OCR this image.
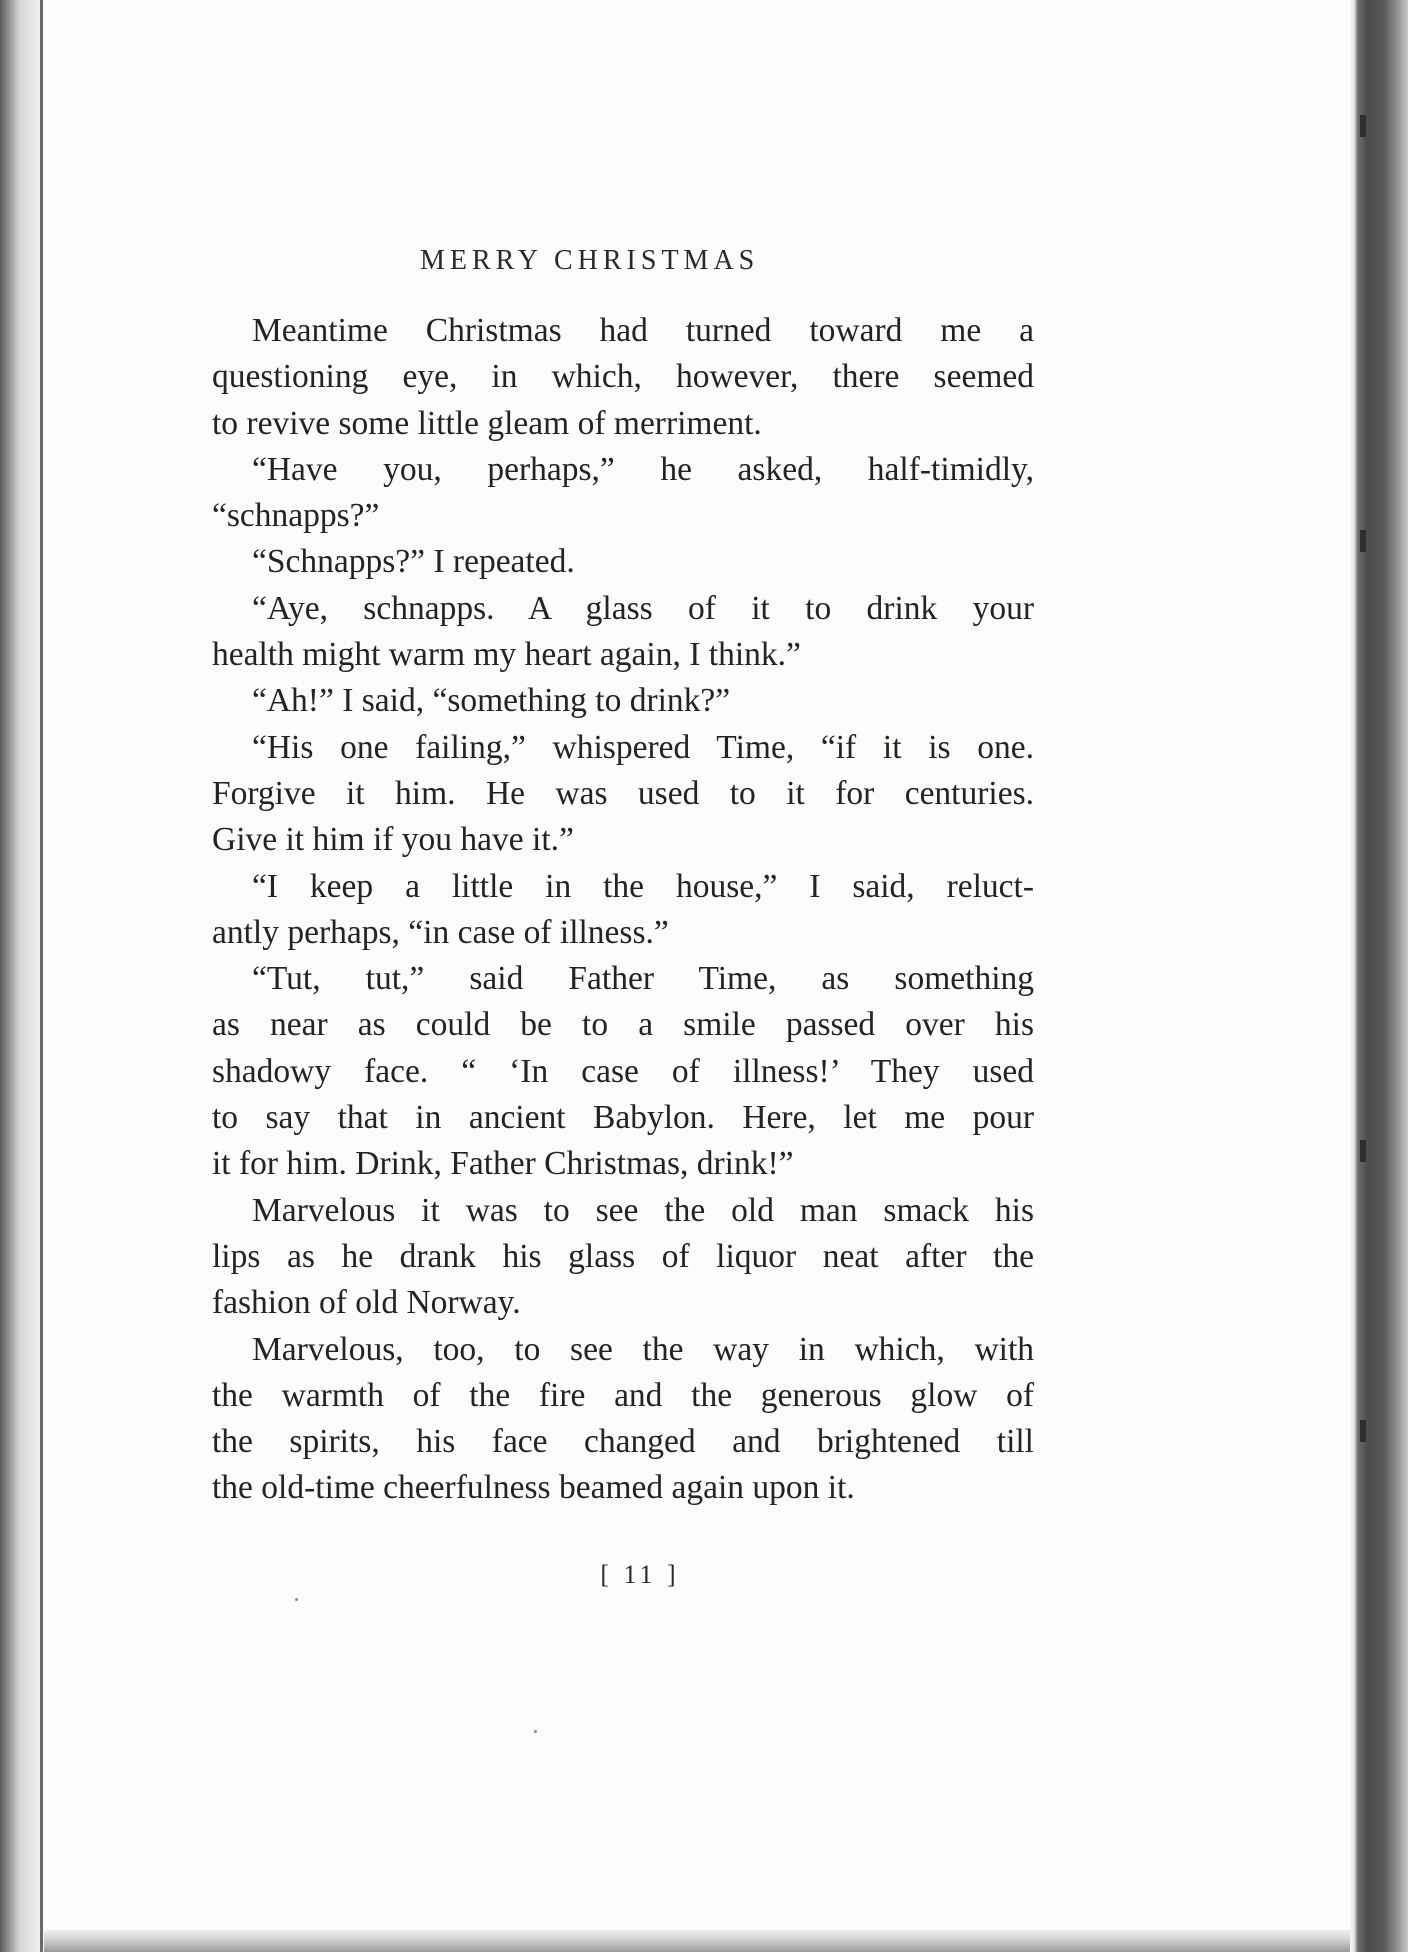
MERRY CHRISTMAS
Meantime Christmas had turned toward me a
questioning eye, in which, however, there seemed
to revive some little gleam of merriment.
“Have you, perhaps,” he asked, half-timidly,
“schnapps?”
“Schnapps?” I repeated.
“Aye, schnapps. A glass of it to drink your
health might warm my heart again, I think.”
“Ah!” I said, “something to drink?”
“His one failing,” whispered Time, “if it is one.
Forgive it him. He was used to it for centuries.
Give it him if you have it.”
“I keep a little in the house,” I said, reluct-
antly perhaps, “in case of illness.”
“Tut, tut,” said Father Time, as something
as near as could be to a smile passed over his
shadowy face. “ ‘In case of illness!’ They used
to say that in ancient Babylon. Here, let me pour
it for him. Drink, Father Christmas, drink!”
Marvelous it was to see the old man smack his
lips as he drank his glass of liquor neat after the
fashion of old Norway.
Marvelous, too, to see the way in which, with
the warmth of the fire and the generous glow of
the spirits, his face changed and brightened till
the old-time cheerfulness beamed again upon it.
[ 11 ]
